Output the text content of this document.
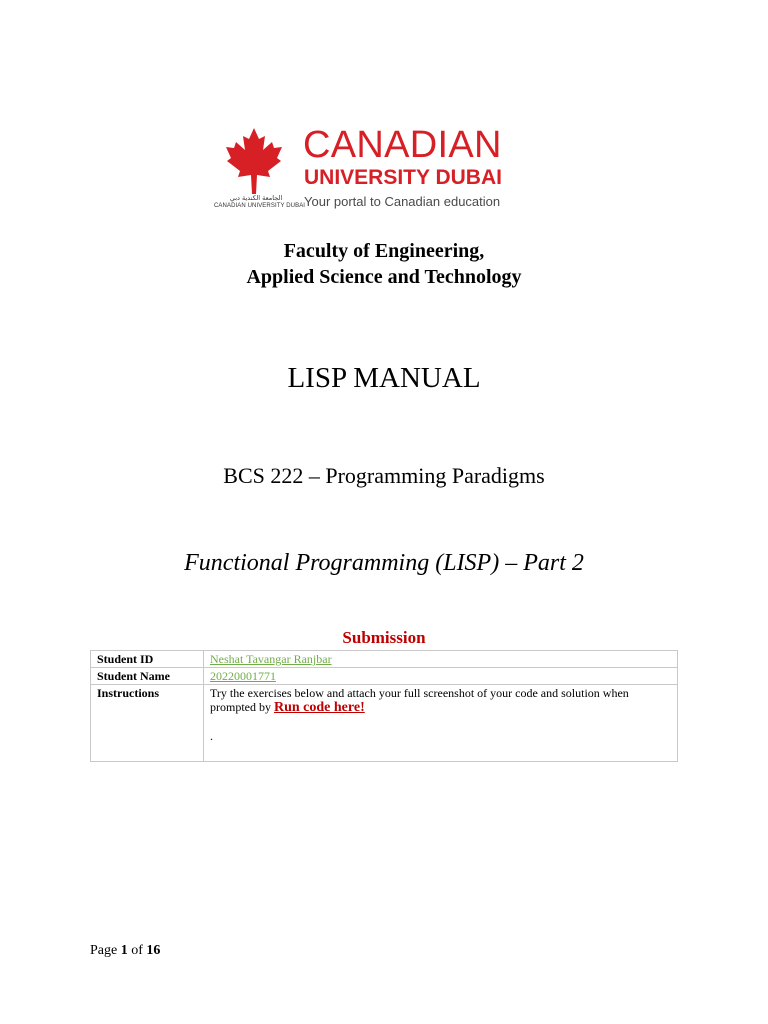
الجامعة الكندية دبي
CANADIAN UNIVERSITY DUBAI
CANADIAN
UNIVERSITY DUBAI
Your portal to Canadian education
Faculty of Engineering,
Applied Science and Technology
LISP MANUAL
BCS 222 – Programming Paradigms
Functional Programming (LISP) – Part 2
Submission
Student ID	Neshat Tavangar Ranjbar
Student Name	20220001771
Instructions	Try the exercises below and attach your full screenshot of your code and solution when prompted by Run code here!
.
Page 1 of 16
